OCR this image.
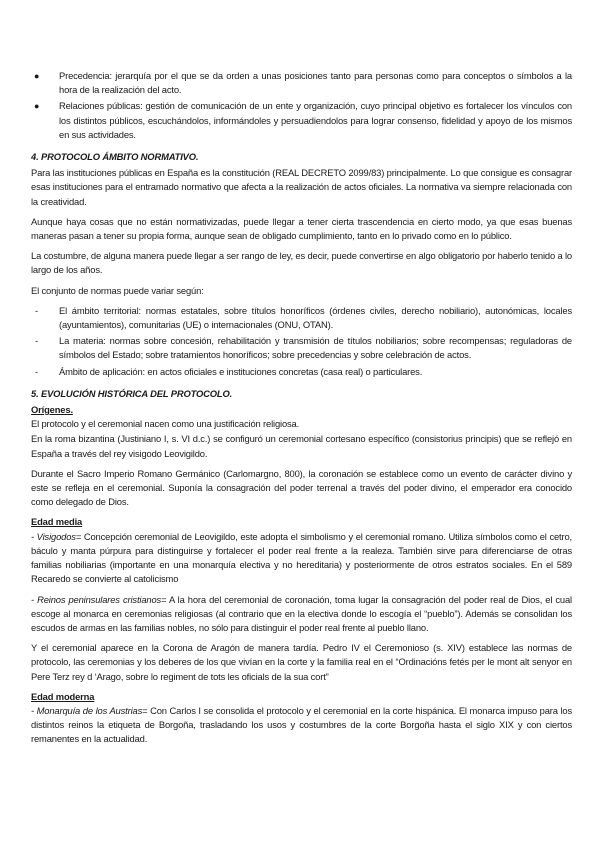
● Precedencia: jerarquía por el que se da orden a unas posiciones tanto para personas como para conceptos o símbolos a la hora de la realización del acto.
● Relaciones públicas: gestión de comunicación de un ente y organización, cuyo principal objetivo es fortalecer los vínculos con los distintos públicos, escuchándolos, informándoles y persuadiendolos para lograr consenso, fidelidad y apoyo de los mismos en sus actividades.
4. PROTOCOLO ÁMBITO NORMATIVO.

Para las instituciones públicas en España es la constitución (REAL DECRETO 2099/83) principalmente. Lo que consigue es consagrar esas instituciones para el entramado normativo que afecta a la realización de actos oficiales. La normativa va siempre relacionada con la creatividad.

Aunque haya cosas que no están normativizadas, puede llegar a tener cierta trascendencia en cierto modo, ya que esas buenas maneras pasan a tener su propia forma, aunque sean de obligado cumplimiento, tanto en lo privado como en lo público.

La costumbre, de alguna manera puede llegar a ser rango de ley, es decir, puede convertirse en algo obligatorio por haberlo tenido a lo largo de los años.

El conjunto de normas puede variar según:

- El ámbito territorial: normas estatales, sobre títulos honoríficos (órdenes civiles, derecho nobiliario), autonómicas, locales (ayuntamientos), comunitarias (UE) o internacionales (ONU, OTAN).
- La materia: normas sobre concesión, rehabilitación y transmisión de títulos nobiliarios; sobre recompensas; reguladoras de símbolos del Estado; sobre tratamientos honoríficos; sobre precedencias y sobre celebración de actos.
- Ámbito de aplicación: en actos oficiales e instituciones concretas (casa real) o particulares.
5. EVOLUCIÓN HISTÓRICA DEL PROTOCOLO.
Orígenes.

El protocolo y el ceremonial nacen como una justificación religiosa.

En la roma bizantina (Justiniano I, s. VI d.c.) se configuró un ceremonial cortesano específico (consistorius principis) que se reflejó en España a través del rey visigodo Leovigildo.

Durante el Sacro Imperio Romano Germánico (Carlomargno, 800), la coronación se establece como un evento de carácter divino y este se refleja en el ceremonial. Suponía la consagración del poder terrenal a través del poder divino, el emperador era conocido como delegado de Dios.

Edad media

- Visigodos= Concepción ceremonial de Leovigildo, este adopta el simbolismo y el ceremonial romano. Utiliza símbolos como el cetro, báculo y manta púrpura para distinguirse y fortalecer el poder real frente a la realeza. También sirve para diferenciarse de otras familias nobiliarias (importante en una monarquía electiva y no hereditaria) y posteriormente de otros estratos sociales. En el 589 Recaredo se convierte al catolicismo

- Reinos peninsulares cristianos= A la hora del ceremonial de coronación, toma lugar la consagración del poder real de Dios, el cual escoge al monarca en ceremonias religiosas (al contrario que en la electiva donde lo escogía el “pueblo”). Además se consolidan los escudos de armas en las familias nobles, no sólo para distinguir el poder real frente al pueblo llano.

Y el ceremonial aparece en la Corona de Aragón de manera tardía. Pedro IV el Ceremonioso (s. XIV) establece las normas de protocolo, las ceremonias y los deberes de los que vivían en la corte y la familia real en el “Ordinacións fetés per le mont alt senyor en Pere Terz rey d ‘Arago, sobre lo regiment de tots les oficials de la sua cort”

Edad moderna

- Monarquía de los Austrias= Con Carlos I se consolida el protocolo y el ceremonial en la corte hispánica. El monarca impuso para los distintos reinos la etiqueta de Borgoña, trasladando los usos y costumbres de la corte Borgoña hasta el siglo XIX y con ciertos remanentes en la actualidad.
